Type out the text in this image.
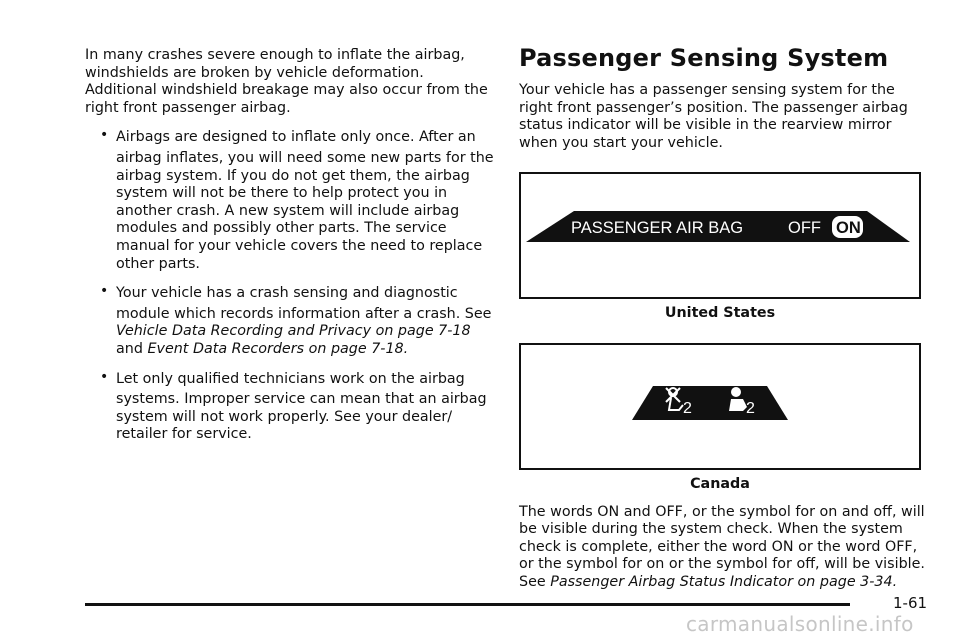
In many crashes severe enough to inflate the airbag, windshields are broken by vehicle deformation. Additional windshield breakage may also occur from the right front passenger airbag.

• Airbags are designed to inflate only once. After an
airbag inflates, you will need some new parts for the airbag system. If you do not get them, the airbag system will not be there to help protect you in another crash. A new system will include airbag modules and possibly other parts. The service manual for your vehicle covers the need to replace other parts.
• Your vehicle has a crash sensing and diagnostic
module which records information after a crash. See Vehicle Data Recording and Privacy on page 7-18 and Event Data Recorders on page 7-18.
• Let only qualified technicians work on the airbag
systems. Improper service can mean that an airbag system will not work properly. See your dealer/ retailer for service.
Passenger Sensing System

Your vehicle has a passenger sensing system for the right front passenger’s position. The passenger airbag status indicator will be visible in the rearview mirror when you start your vehicle.

PASSENGER AIR BAG	OFF ON
United States
2	2
Canada

The words ON and OFF, or the symbol for on and off, will be visible during the system check. When the system check is complete, either the word ON or the word OFF, or the symbol for on or the symbol for off, will be visible. See Passenger Airbag Status Indicator on page 3-34.

1-61
carmanualsonline.info
